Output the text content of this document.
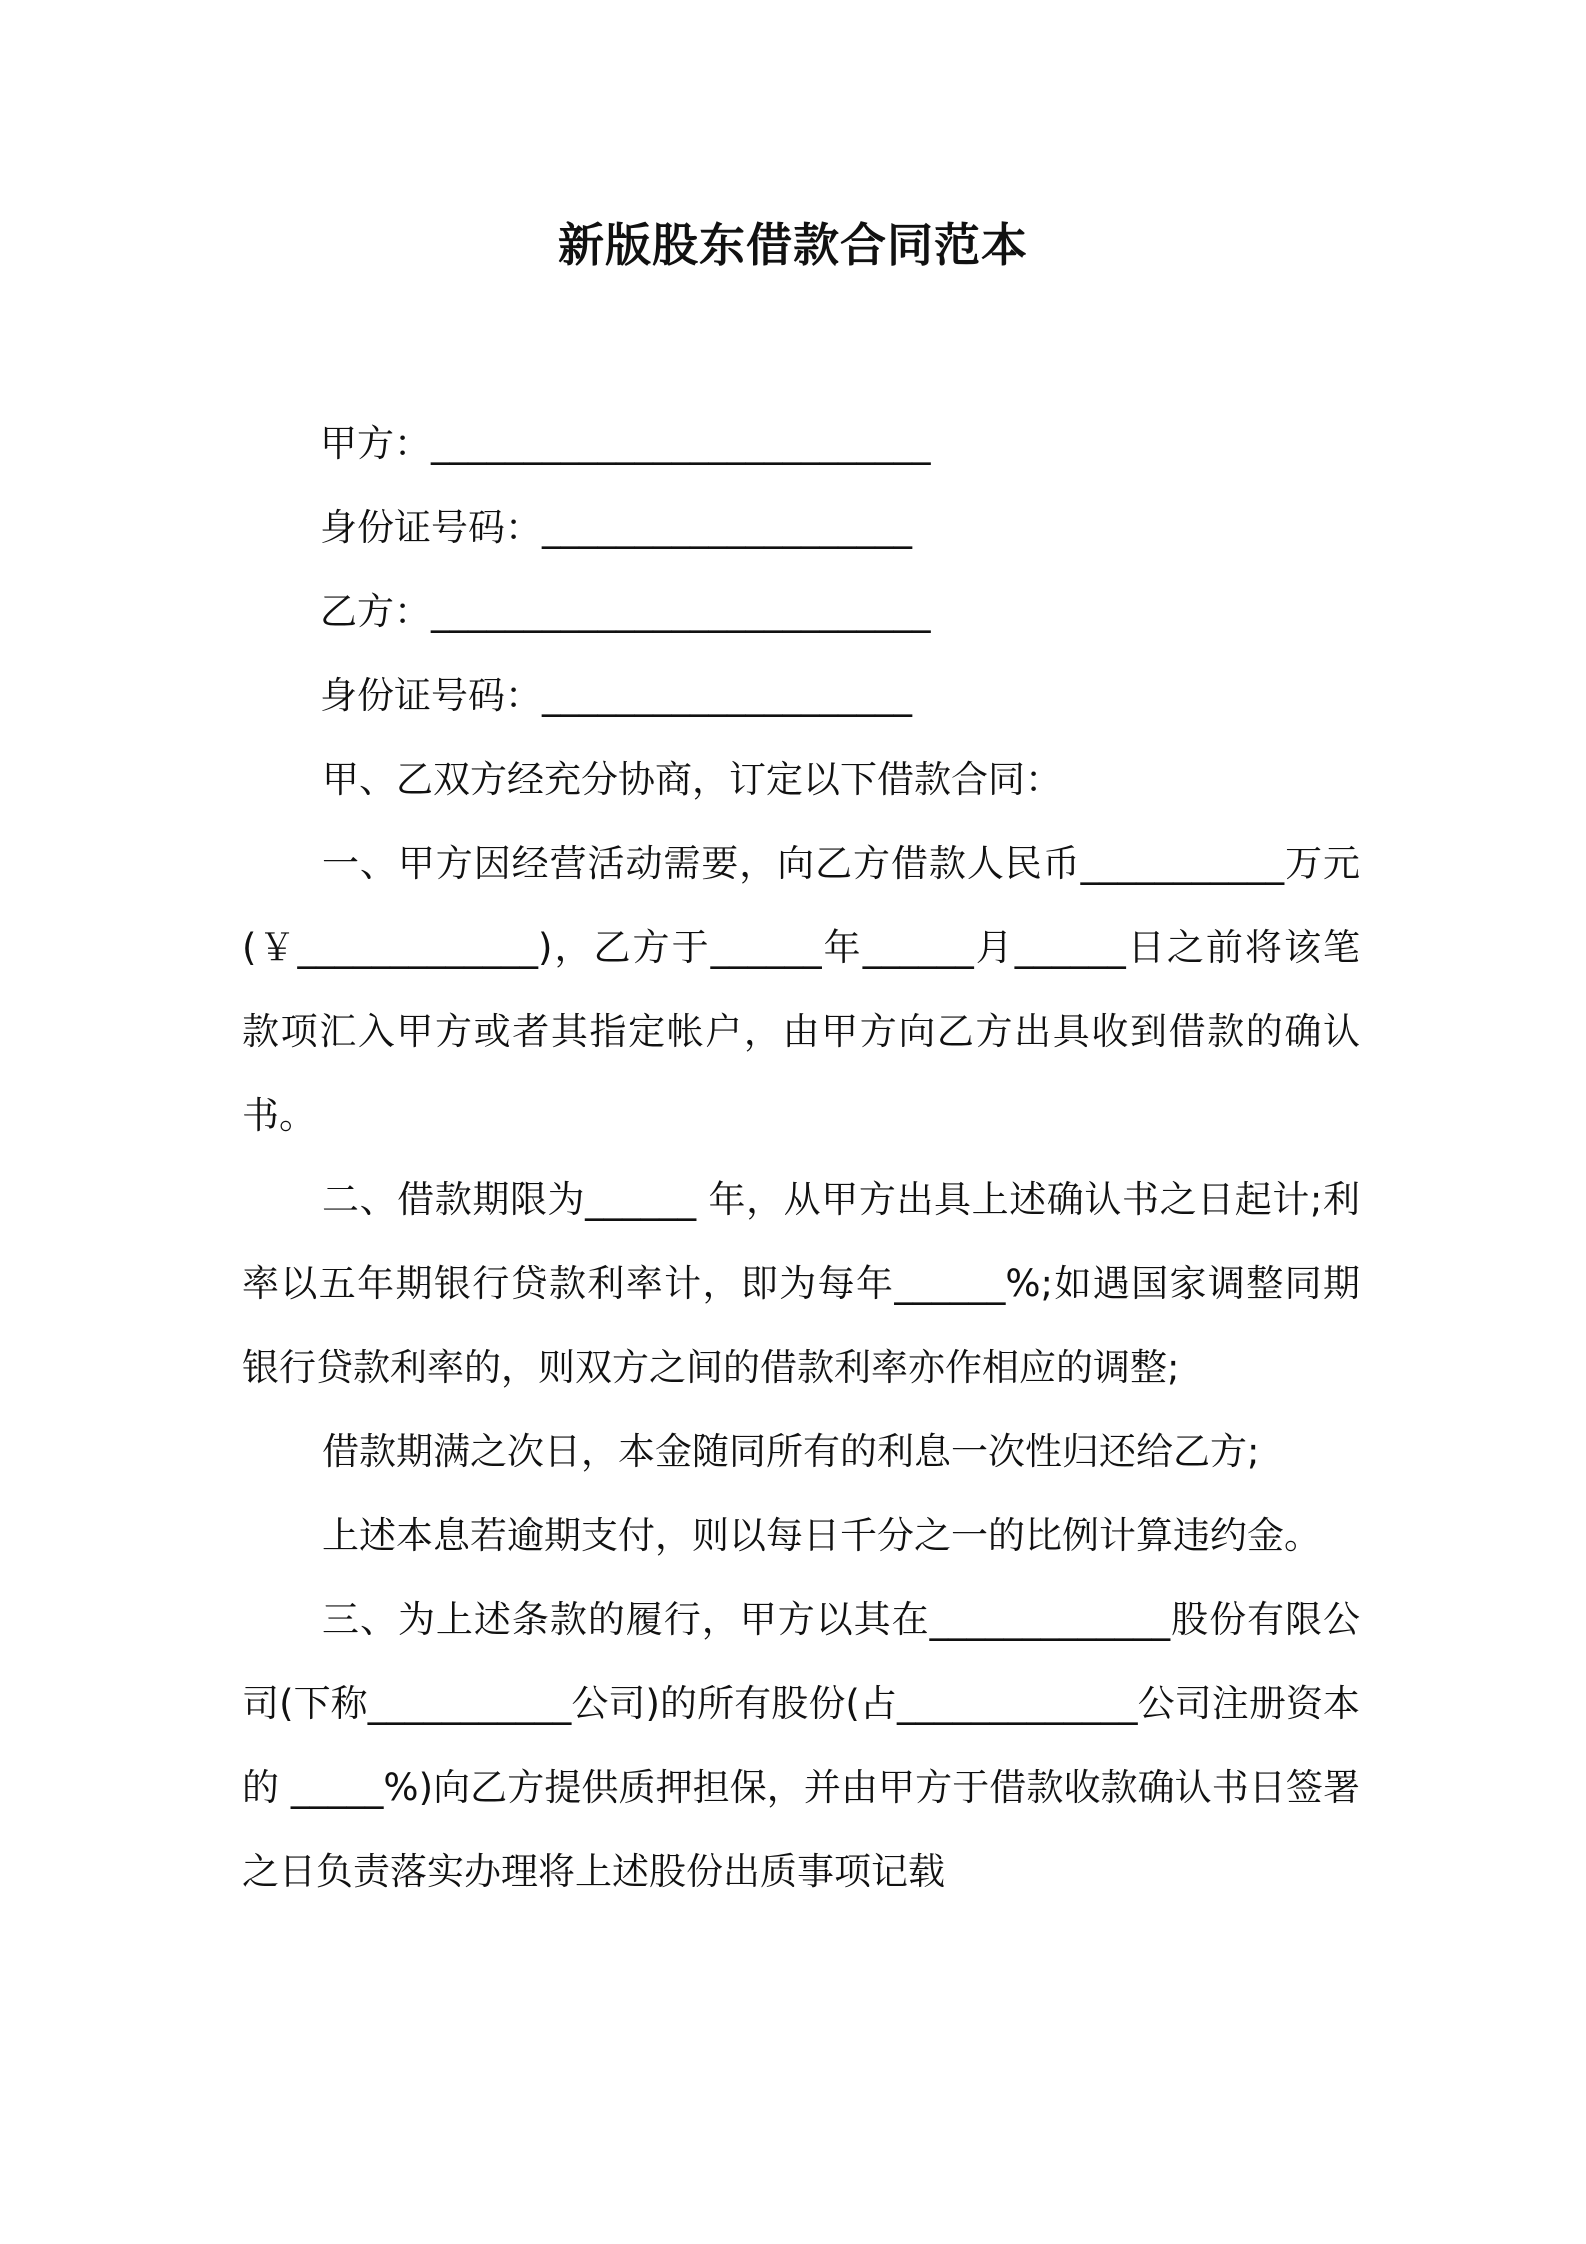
新版股东借款合同范本
甲方：___________________________
身份证号码：____________________
乙方：___________________________
身份证号码：____________________

甲、乙双方经充分协商，订定以下借款合同：

一、甲方因经营活动需要，向乙方借款人民币___________万元(￥_____________)，乙方于______年______月______日之前将该笔款项汇入甲方或者其指定帐户，由甲方向乙方出具收到借款的确认书。

二、借款期限为______ 年，从甲方出具上述确认书之日起计;利率以五年期银行贷款利率计，即为每年______%;如遇国家调整同期银行贷款利率的，则双方之间的借款利率亦作相应的调整;

借款期满之次日，本金随同所有的利息一次性归还给乙方;

上述本息若逾期支付，则以每日千分之一的比例计算违约金。

三、为上述条款的履行，甲方以其在_____________股份有限公司(下称___________公司)的所有股份(占_____________公司注册资本的 _____%)向乙方提供质押担保，并由甲方于借款收款确认书日签署之日负责落实办理将上述股份出质事项记载
